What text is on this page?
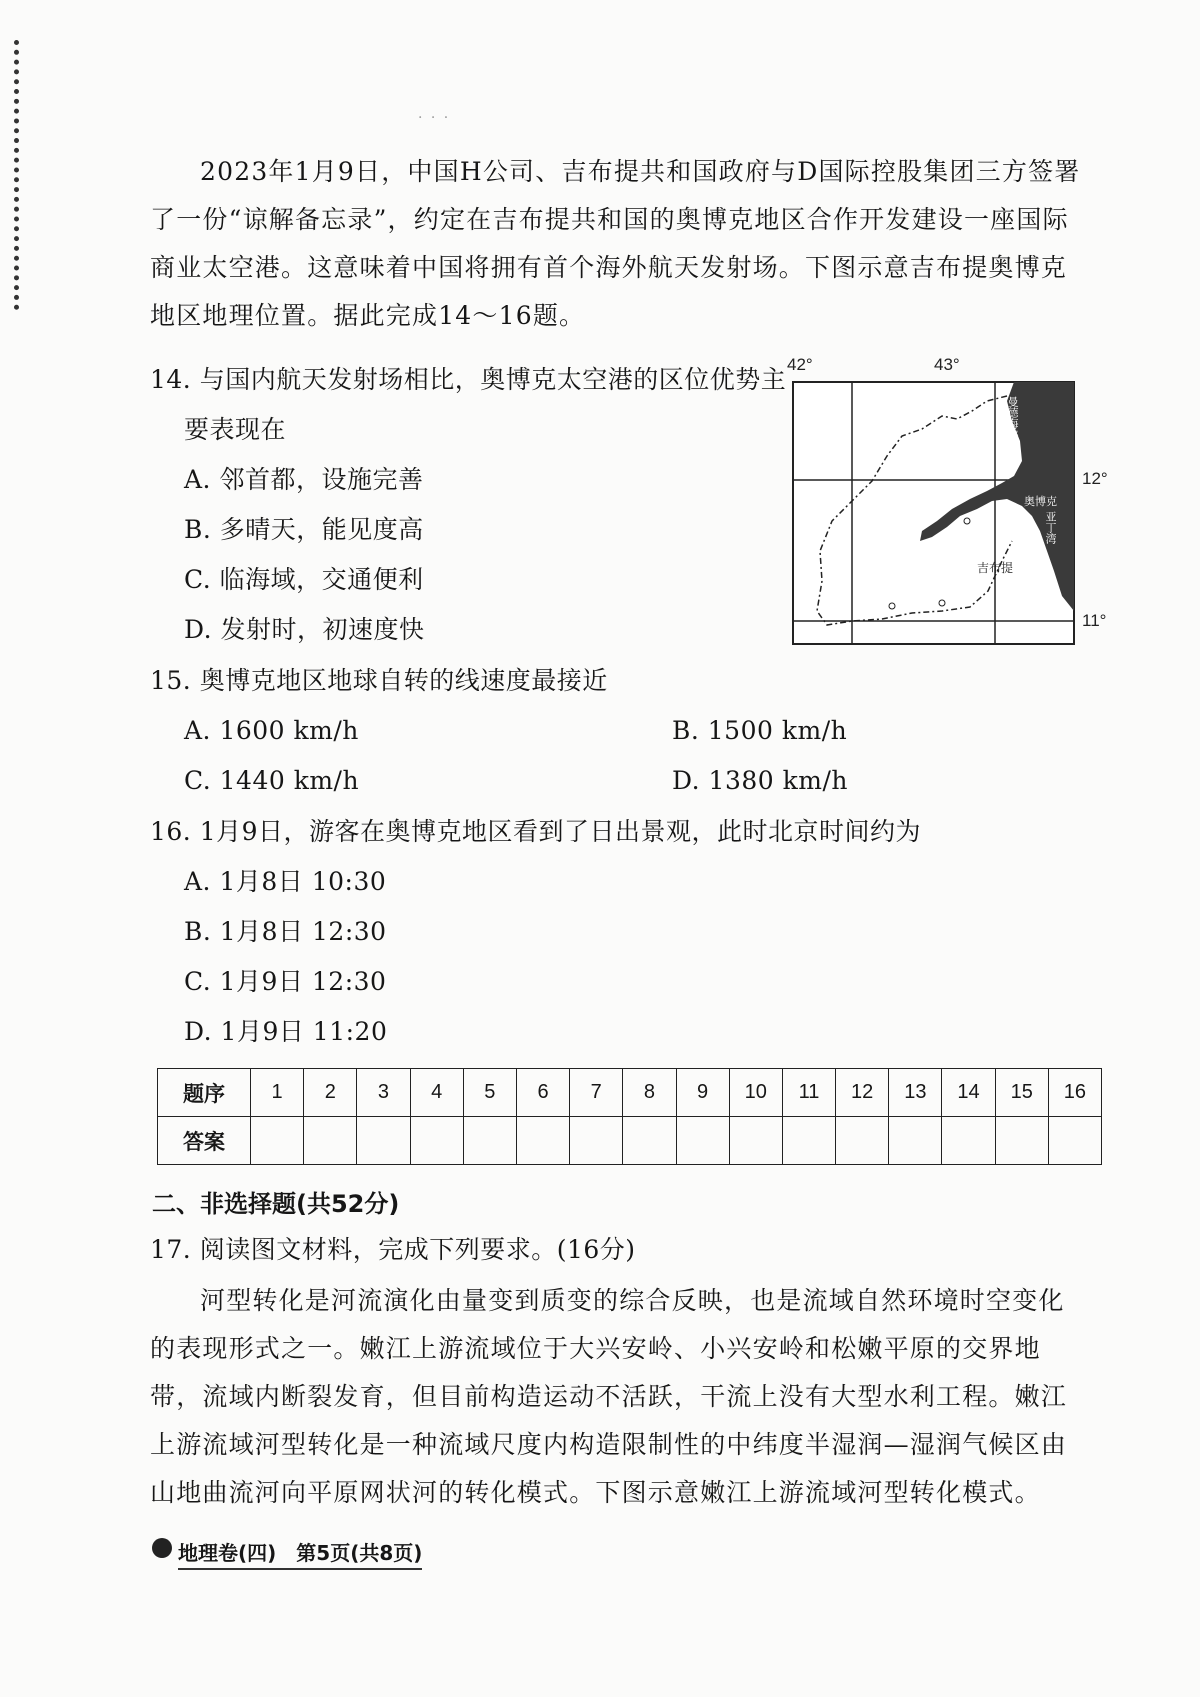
· · ·

2023年1月9日，中国H公司、吉布提共和国政府与D国际控股集团三方签署了一份“谅解备忘录”，约定在吉布提共和国的奥博克地区合作开发建设一座国际商业太空港。这意味着中国将拥有首个海外航天发射场。下图示意吉布提奥博克地区地理位置。据此完成14～16题。

14. 与国内航天发射场相比，奥博克太空港的区位优势主
要表现在
A. 邻首都，设施完善
B. 多晴天，能见度高
C. 临海域，交通便利
D. 发射时，初速度快
42°	43°
12°
11°
曼德海峡
奥博克
亚丁湾
吉布提
15. 奥博克地区地球自转的线速度最接近
A. 1600 km/h	B. 1500 km/h
C. 1440 km/h	D. 1380 km/h
16. 1月9日，游客在奥博克地区看到了日出景观，此时北京时间约为
A. 1月8日 10:30
B. 1月8日 12:30
C. 1月9日 12:30
D. 1月9日 11:20
题序	1	2	3	4	5	6	7	8	9	10	11	12	13	14	15	16
答案																
二、非选择题(共52分)
17. 阅读图文材料，完成下列要求。(16分)

河型转化是河流演化由量变到质变的综合反映，也是流域自然环境时空变化的表现形式之一。嫩江上游流域位于大兴安岭、小兴安岭和松嫩平原的交界地带，流域内断裂发育，但目前构造运动不活跃，干流上没有大型水利工程。嫩江上游流域河型转化是一种流域尺度内构造限制性的中纬度半湿润—湿润气候区由山地曲流河向平原网状河的转化模式。下图示意嫩江上游流域河型转化模式。

地理卷(四)　第5页(共8页)
